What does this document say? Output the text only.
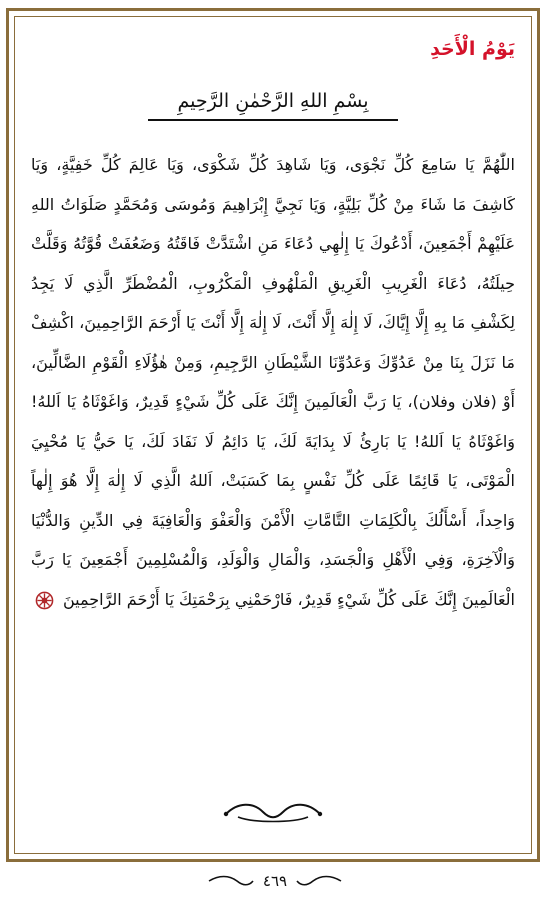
يَوْمُ الْأَحَدِ
بِسْمِ اللهِ الرَّحْمٰنِ الرَّحِيمِ
اللّٰهُمَّ يَا سَامِعَ كُلِّ نَجْوَى، وَيَا شَاهِدَ كُلِّ شَكْوَى، وَيَا عَالِمَ كُلِّ خَفِيَّةٍ، وَيَا كَاشِفَ مَا شَاءَ مِنْ كُلِّ بَلِيَّةٍ، وَيَا نَجِيَّ إِبْرَاهِيمَ وَمُوسَى وَمُحَمَّدٍ صَلَوَاتُ اللهِ عَلَيْهِمْ أَجْمَعِينَ، أَدْعُوكَ يَا إِلٰهِي دُعَاءَ مَنِ اشْتَدَّتْ فَاقَتُهُ وَضَعُفَتْ قُوَّتُهُ وَقَلَّتْ حِيلَتُهُ، دُعَاءَ الْغَرِيبِ الْغَرِيقِ الْمَلْهُوفِ الْمَكْرُوبِ، الْمُضْطَرِّ الَّذِي لَا يَجِدُ لِكَشْفِ مَا بِهِ إِلَّا إِيَّاكَ، لَا إِلٰهَ إِلَّا أَنْتَ، لَا إِلٰهَ إِلَّا أَنْتَ يَا أَرْحَمَ الرَّاحِمِينَ، اكْشِفْ مَا نَزَلَ بِنَا مِنْ عَدُوِّكَ وَعَدُوِّنَا الشَّيْطَانِ الرَّجِيمِ، وَمِنْ هٰؤُلَاءِ الْقَوْمِ الضَّالِّينَ، أَوْ (فلان وفلان)، يَا رَبَّ الْعَالَمِينَ إِنَّكَ عَلَى كُلِّ شَيْءٍ قَدِيرٌ، وَاغَوْثَاهُ يَا اَللهُ! وَاغَوْثَاهُ يَا اَللهُ! يَا بَارِئُ لَا بِدَايَةَ لَكَ، يَا دَائِمُ لَا نَفَادَ لَكَ، يَا حَيُّ يَا مُحْيِيَ الْمَوْتَى، يَا قَائِمًا عَلَى كُلِّ نَفْسٍ بِمَا كَسَبَتْ، اَللهُ الَّذِي لَا إِلٰهَ إِلَّا هُوَ إِلٰهاً وَاحِداً، أَسْأَلُكَ بِالْكَلِمَاتِ التَّامَّاتِ الْأَمْنَ وَالْعَفْوَ وَالْعَافِيَةَ فِي الدِّينِ وَالدُّنْيَا وَالْآخِرَةِ، وَفِي الْأَهْلِ وَالْجَسَدِ، وَالْمَالِ وَالْوَلَدِ، وَالْمُسْلِمِينَ أَجْمَعِينَ يَا رَبَّ الْعَالَمِينَ إِنَّكَ عَلَى كُلِّ شَيْءٍ قَدِيرٌ، فَارْحَمْنِي بِرَحْمَتِكَ يَا أَرْحَمَ الرَّاحِمِينَ
٤٦٩
